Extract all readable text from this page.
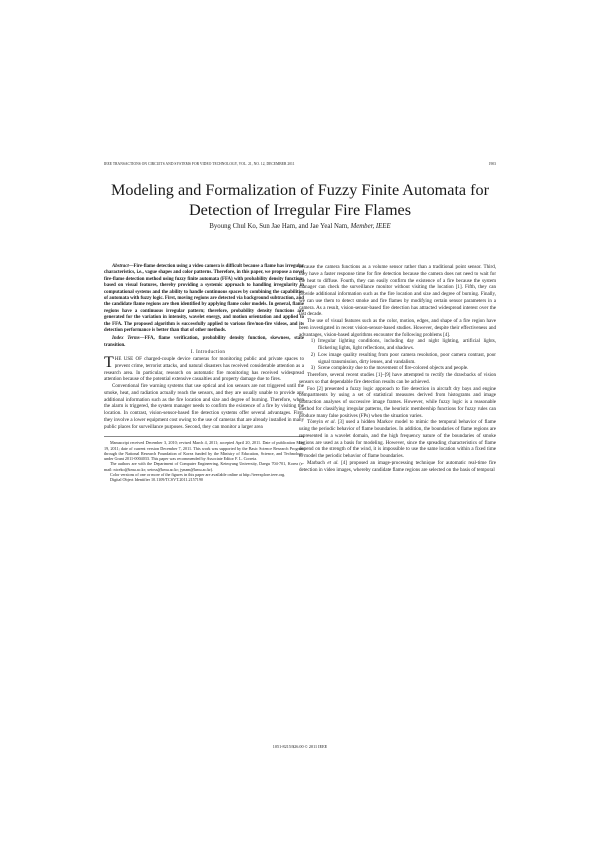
IEEE TRANSACTIONS ON CIRCUITS AND SYSTEMS FOR VIDEO TECHNOLOGY, VOL. 21, NO. 12, DECEMBER 2011	1903
Modeling and Formalization of Fuzzy Finite Automata for Detection of Irregular Fire Flames
Byoung Chul Ko, Sun Jae Ham, and Jae Yeal Nam, Member, IEEE

Abstract—Fire-flame detection using a video camera is difficult because a flame has irregular characteristics, i.e., vague shapes and color patterns. Therefore, in this paper, we propose a novel fire-flame detection method using fuzzy finite automata (FFA) with probability density functions based on visual features, thereby providing a systemic approach to handling irregularity in computational systems and the ability to handle continuous spaces by combining the capabilities of automata with fuzzy logic. First, moving regions are detected via background subtraction, and the candidate flame regions are then identified by applying flame color models. In general, flame regions have a continuous irregular pattern; therefore, probability density functions are generated for the variation in intensity, wavelet energy, and motion orientation and applied to the FFA. The proposed algorithm is successfully applied to various fire/non-fire videos, and its detection performance is better than that of other methods.

Index Terms—FFA, flame verification, probability density function, skewness, state transition.

I. Introduction

THE USE OF charged-couple device cameras for monitoring public and private spaces to prevent crime, terrorist attacks, and natural disasters has received considerable attention as a research area. In particular, research on automatic fire monitoring has received widespread attention because of the potential extensive casualties and property damage due to fires.

Conventional fire warning systems that use optical and ion sensors are not triggered until the smoke, heat, and radiation actually reach the sensors, and they are usually unable to provide any additional information such as the fire location and size and degree of burning. Therefore, when the alarm is triggered, the system manager needs to confirm the existence of a fire by visiting the location. In contrast, vision-sensor-based fire detection systems offer several advantages. First, they involve a lower equipment cost owing to the use of cameras that are already installed in many public places for surveillance purposes. Second, they can monitor a larger area

Manuscript received December 3, 2010; revised March 4, 2011; accepted April 20, 2011. Date of publication May 19, 2011; date of current version December 7, 2011. This work was supported by the Basic Science Research Program through the National Research Foundation of Korea funded by the Ministry of Education, Science, and Technology, under Grant 2011-0004033. This paper was recommended by Associate Editor F. L. Correia.

The authors are with the Department of Computer Engineering, Keimyung University, Daegu 704-701, Korea (e-mail: niceko@kmu.ac.kr; xetoss@kmu.ac.kr; jynam@kmu.ac.kr).

Color versions of one or more of the figures in this paper are available online at http://ieeexplore.ieee.org.

Digital Object Identifier 10.1109/TCSVT.2011.2157190

because the camera functions as a volume sensor rather than a traditional point sensor. Third, they have a faster response time for fire detection because the camera does not need to wait for the heat to diffuse. Fourth, they can easily confirm the existence of a fire because the system manager can check the surveillance monitor without visiting the location [1]. Fifth, they can provide additional information such as the fire location and size and degree of burning. Finally, we can use them to detect smoke and fire flames by modifying certain sensor parameters in a camera. As a result, vision-sensor-based fire detection has attracted widespread interest over the last decade.

The use of visual features such as the color, motion, edges, and shape of a fire region have been investigated in recent vision-sensor-based studies. However, despite their effectiveness and advantages, vision-based algorithms encounter the following problems [4].

1) Irregular lighting conditions, including day and night lighting, artificial lights, flickering lights, light reflections, and shadows.
2) Low image quality resulting from poor camera resolution, poor camera contrast, poor signal transmission, dirty lenses, and vandalism.
3) Scene complexity due to the movement of fire-colored objects and people.

Therefore, several recent studies [1]–[9] have attempted to rectify the drawbacks of vision sensors so that dependable fire detection results can be achieved.

Foo [2] presented a fuzzy logic approach to fire detection in aircraft dry bays and engine compartments by using a set of statistical measures derived from histograms and image subtraction analyses of successive image frames. However, while fuzzy logic is a reasonable method for classifying irregular patterns, the heuristic membership functions for fuzzy rules can produce many false positives (FPs) when the situation varies.

Töreyin et al. [3] used a hidden Markov model to mimic the temporal behavior of flame using the periodic behavior of flame boundaries. In addition, the boundaries of flame regions are represented in a wavelet domain, and the high frequency nature of the boundaries of smoke regions are used as a basis for modeling. However, since the spreading characteristics of flame depend on the strength of the wind, it is impossible to use the same location within a fixed time to model the periodic behavior of flame boundaries.

Marbach et al. [4] proposed an image-processing technique for automatic real-time fire detection in video images, whereby candidate flame regions are selected on the basis of temporal

1051-8215/$26.00 © 2011 IEEE
